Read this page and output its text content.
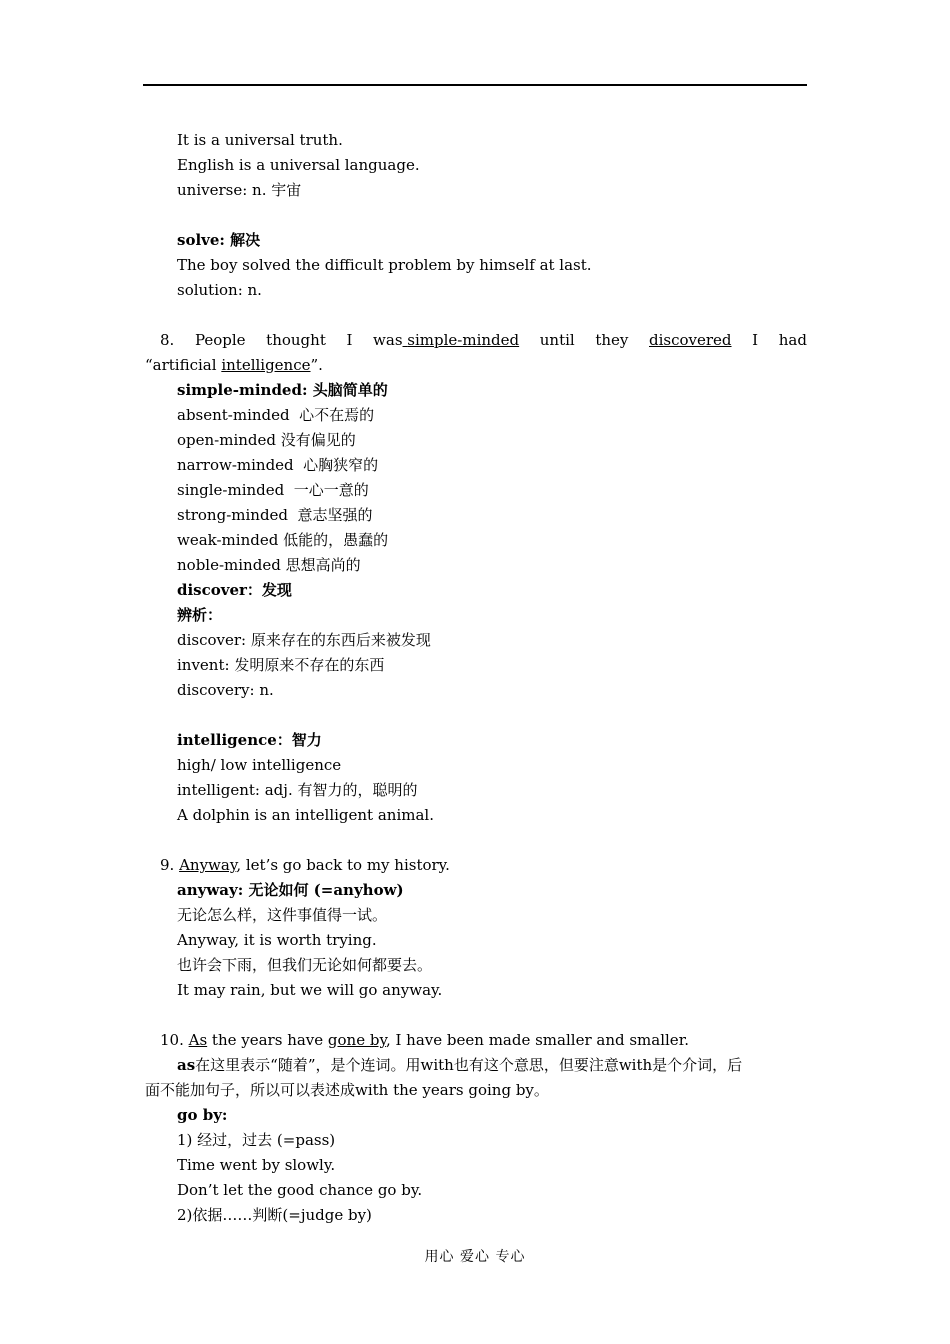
It is a universal truth.
English is a universal language.
universe: n. 宇宙
solve: 解决
The boy solved the difficult problem by himself at last.
solution: n.
8. People thought I was simple-minded until they discovered I had
“artificial intelligence”.
simple-minded: 头脑简单的
absent-minded  心不在焉的
open-minded 没有偏见的
narrow-minded  心胸狭窄的
single-minded  一心一意的
strong-minded  意志坚强的
weak-minded 低能的，愚蠢的
noble-minded 思想高尚的
discover：发现
辨析：
discover: 原来存在的东西后来被发现
invent: 发明原来不存在的东西
discovery: n.
intelligence：智力
high/ low intelligence
intelligent: adj. 有智力的，聪明的
A dolphin is an intelligent animal.
9. Anyway, let’s go back to my history.
anyway: 无论如何 (=anyhow)
无论怎么样，这件事值得一试。
Anyway, it is worth trying.
也许会下雨，但我们无论如何都要去。
It may rain, but we will go anyway.
10. As the years have gone by, I have been made smaller and smaller.
as在这里表示“随着”，是个连词。用with也有这个意思，但要注意with是个介词，后
面不能加句子，所以可以表述成with the years going by。
go by:
1) 经过，过去 (=pass)
Time went by slowly.
Don’t let the good chance go by.
2)依据……判断(=judge by)
用心 爱心 专心
